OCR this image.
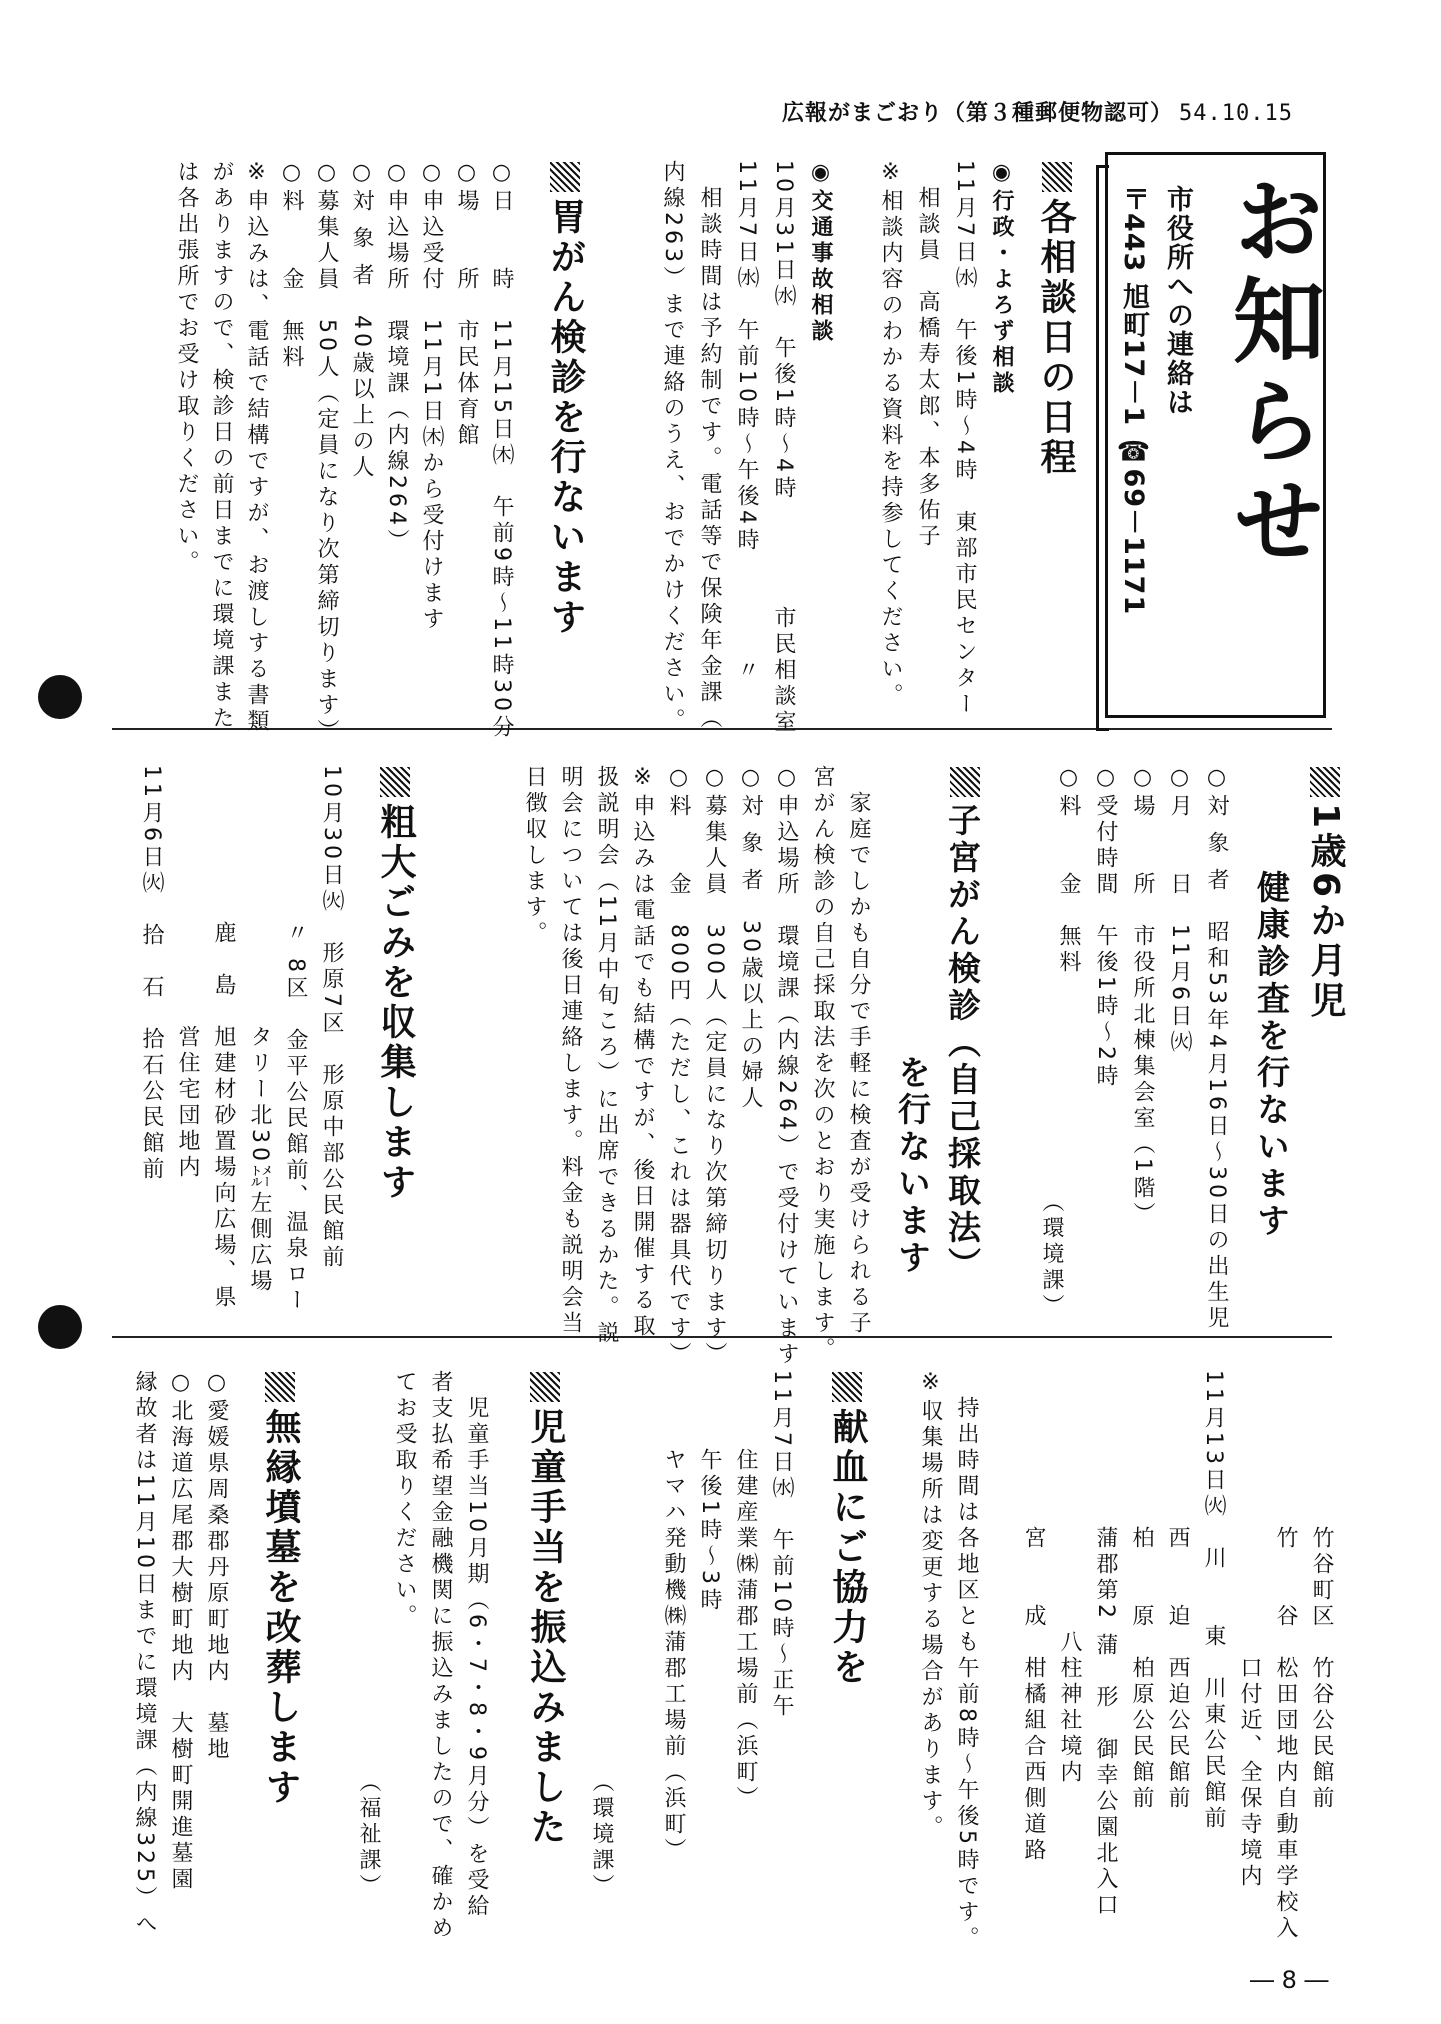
広報がまごおり（第３種郵便物認可） 54.10.15
お知らせ
市役所への連絡は
〒443 旭町17－1 ☎69－1171
各相談日の日程
◉行政・よろず相談
11月7日㈬　午後1時～4時　東部市民センター
　相談員　高橋寿太郎、本多佑子
※相談内容のわかる資料を持参してください。
◉交通事故相談
10月31日㈬　午後1時～4時　　　　市民相談室
11月7日㈬　午前10時～午後4時　　　　〃
　相談時間は予約制です。電話等で保険年金課（
内線263）まで連絡のうえ、おでかけください。
胃がん検診を行ないます
○日　　時　11月15日㈭　午前9時～11時30分
○場　　所　市民体育館
○申込受付　11月1日㈭から受付けます
○申込場所　環境課（内線264）
○対 象 者　40歳以上の人
○募集人員　50人（定員になり次第締切ります）
○料　　金　無料
※申込みは、電話で結構ですが、お渡しする書類
がありますので、検診日の前日までに環境課また
は各出張所でお受け取りください。
1歳6か月児
健康診査を行ないます
○対 象 者　昭和53年4月16日～30日の出生児
○月　　日　11月6日㈫
○場　　所　市役所北棟集会室（1階）
○受付時間　午後1時～2時
○料　　金　無料
（環境課）
子宮がん検診（自己採取法）
を行ないます
　家庭でしかも自分で手軽に検査が受けられる子
宮がん検診の自己採取法を次のとおり実施します。
○申込場所　環境課（内線264）で受付けています
○対 象 者　30歳以上の婦人
○募集人員　300人（定員になり次第締切ります）
○料　　金　800円（ただし、これは器具代です）
※申込みは電話でも結構ですが、後日開催する取
扱説明会（11月中旬ころ）に出席できるかた。説
明会については後日連絡します。料金も説明会当
日徴収します。
粗大ごみを収集します
10月30日㈫　形原7区　形原中部公民館前
　　　　　　〃 8区　金平公民館前、温泉ロー
　　　　　　　　　　タリー北30㍍左側広場
　　　　　　鹿　島　旭建材砂置場向広場、県
　　　　　　　　　　営住宅団地内
11月6日㈫　拾　石　拾石公民館前
　　　　　　竹谷町区　竹谷公民館前
　　　　　　竹　　谷　松田団地内自動車学校入
　　　　　　　　　　　口付近、全保寺境内
11月13日㈫　川　　東　川東公民館前
　　　　　　西　　迫　西迫公民館前
　　　　　　柏　　原　柏原公民館前
　　　　　　蒲郡第2 蒲　形　御幸公園北入口
　　　　　　　　　　八柱神社境内
　　　　　　宮　　成　柑橘組合西側道路
　持出時間は各地区とも午前8時～午後5時です。
※収集場所は変更する場合があります。
献血にご協力を
11月7日㈬　午前10時～正午
　　　住建産業㈱蒲郡工場前（浜町）
　　　午後1時～3時
　　　ヤマハ発動機㈱蒲郡工場前（浜町）
（環境課）
児童手当を振込みました
　児童手当10月期（6・7・8・9月分）を受給
者支払希望金融機関に振込みましたので、確かめ
てお受取りください。
（福祉課）
無縁墳墓を改葬します
○愛媛県周桑郡丹原町地内　墓地
○北海道広尾郡大樹町地内　大樹町開進墓園
縁故者は11月10日までに環境課（内線325）へ
― 8 ―
